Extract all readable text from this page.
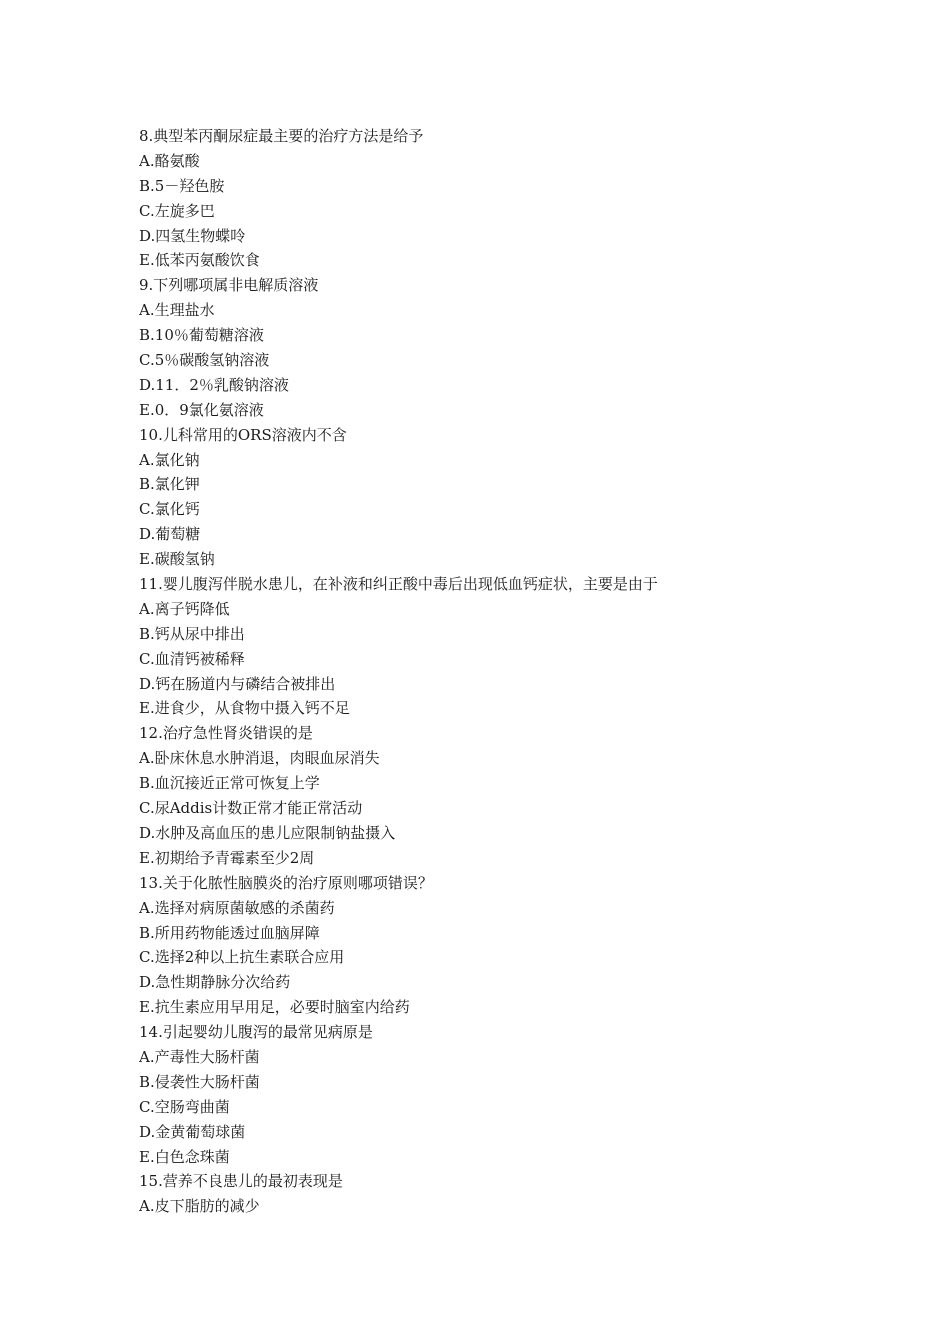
8.典型苯丙酮尿症最主要的治疗方法是给予
A.酪氨酸
B.5－羟色胺
C.左旋多巴
D.四氢生物蝶呤
E.低苯丙氨酸饮食
9.下列哪项属非电解质溶液
A.生理盐水
B.10％葡萄糖溶液
C.5％碳酸氢钠溶液
D.11．2％乳酸钠溶液
E.0．9氯化氨溶液
10.儿科常用的ORS溶液内不含
A.氯化钠
B.氯化钾
C.氯化钙
D.葡萄糖
E.碳酸氢钠
11.婴儿腹泻伴脱水患儿，在补液和纠正酸中毒后出现低血钙症状，主要是由于
A.离子钙降低
B.钙从尿中排出
C.血清钙被稀释
D.钙在肠道内与磷结合被排出
E.进食少，从食物中摄入钙不足
12.治疗急性肾炎错误的是
A.卧床休息水肿消退，肉眼血尿消失
B.血沉接近正常可恢复上学
C.尿Addis计数正常才能正常活动
D.水肿及高血压的患儿应限制钠盐摄入
E.初期给予青霉素至少2周
13.关于化脓性脑膜炎的治疗原则哪项错误？
A.选择对病原菌敏感的杀菌药
B.所用药物能透过血脑屏障
C.选择2种以上抗生素联合应用
D.急性期静脉分次给药
E.抗生素应用早用足，必要时脑室内给药
14.引起婴幼儿腹泻的最常见病原是
A.产毒性大肠杆菌
B.侵袭性大肠杆菌
C.空肠弯曲菌
D.金黄葡萄球菌
E.白色念珠菌
15.营养不良患儿的最初表现是
A.皮下脂肪的减少
